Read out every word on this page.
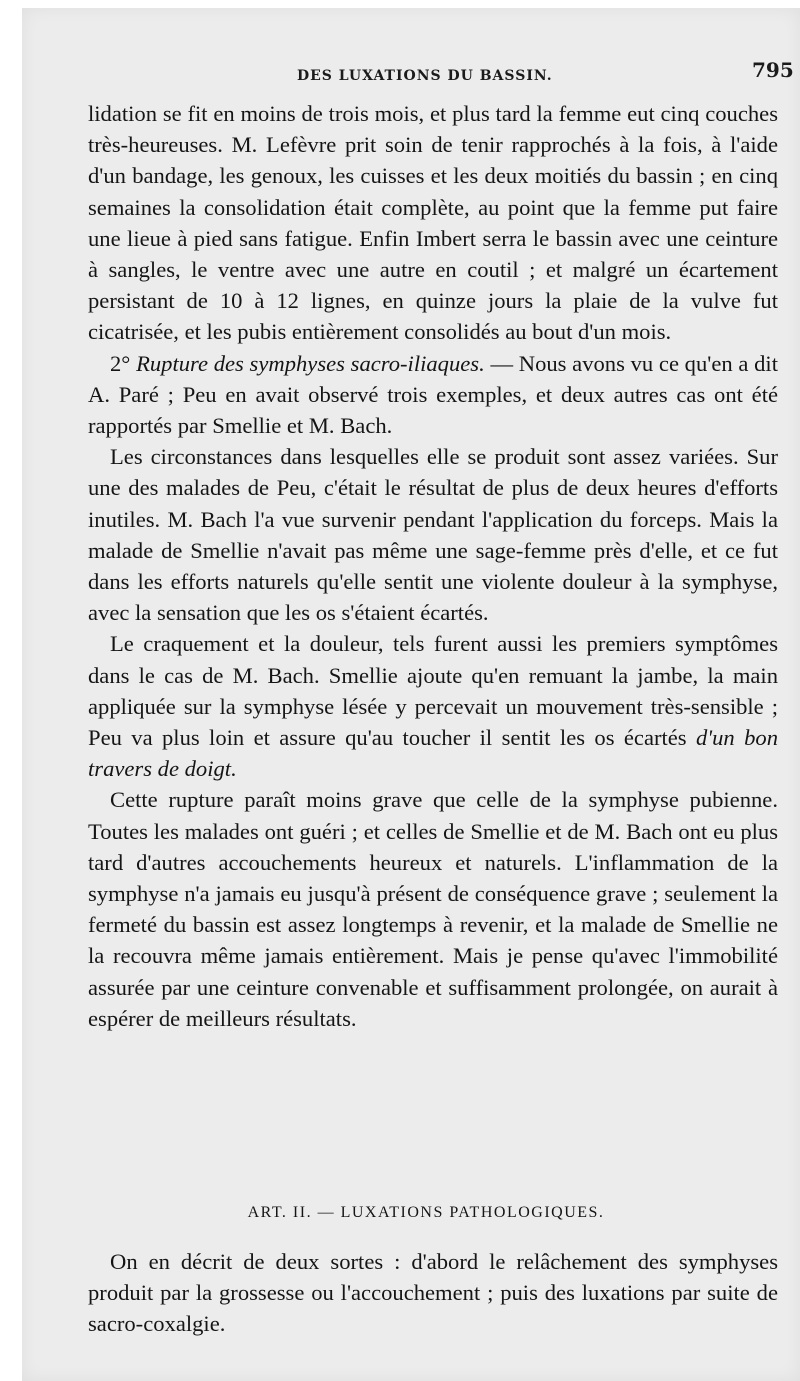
DES LUXATIONS DU BASSIN.	795

lidation se fit en moins de trois mois, et plus tard la femme eut cinq couches très-heureuses. M. Lefèvre prit soin de tenir rapprochés à la fois, à l'aide d'un bandage, les genoux, les cuisses et les deux moitiés du bassin ; en cinq semaines la consolidation était complète, au point que la femme put faire une lieue à pied sans fatigue. Enfin Imbert serra le bassin avec une ceinture à sangles, le ventre avec une autre en coutil ; et malgré un écartement persistant de 10 à 12 lignes, en quinze jours la plaie de la vulve fut cicatrisée, et les pubis entièrement consolidés au bout d'un mois.

2° Rupture des symphyses sacro-iliaques. — Nous avons vu ce qu'en a dit A. Paré ; Peu en avait observé trois exemples, et deux autres cas ont été rapportés par Smellie et M. Bach.

Les circonstances dans lesquelles elle se produit sont assez variées. Sur une des malades de Peu, c'était le résultat de plus de deux heures d'efforts inutiles. M. Bach l'a vue survenir pendant l'application du forceps. Mais la malade de Smellie n'avait pas même une sage-femme près d'elle, et ce fut dans les efforts naturels qu'elle sentit une violente douleur à la symphyse, avec la sensation que les os s'étaient écartés.

Le craquement et la douleur, tels furent aussi les premiers symptômes dans le cas de M. Bach. Smellie ajoute qu'en remuant la jambe, la main appliquée sur la symphyse lésée y percevait un mouvement très-sensible ; Peu va plus loin et assure qu'au toucher il sentit les os écartés d'un bon travers de doigt.

Cette rupture paraît moins grave que celle de la symphyse pubienne. Toutes les malades ont guéri ; et celles de Smellie et de M. Bach ont eu plus tard d'autres accouchements heureux et naturels. L'inflammation de la symphyse n'a jamais eu jusqu'à présent de conséquence grave ; seulement la fermeté du bassin est assez longtemps à revenir, et la malade de Smellie ne la recouvra même jamais entièrement. Mais je pense qu'avec l'immobilité assurée par une ceinture convenable et suffisamment prolongée, on aurait à espérer de meilleurs résultats.

ART. II. — LUXATIONS PATHOLOGIQUES.

On en décrit de deux sortes : d'abord le relâchement des symphyses produit par la grossesse ou l'accouchement ; puis des luxations par suite de sacro-coxalgie.
